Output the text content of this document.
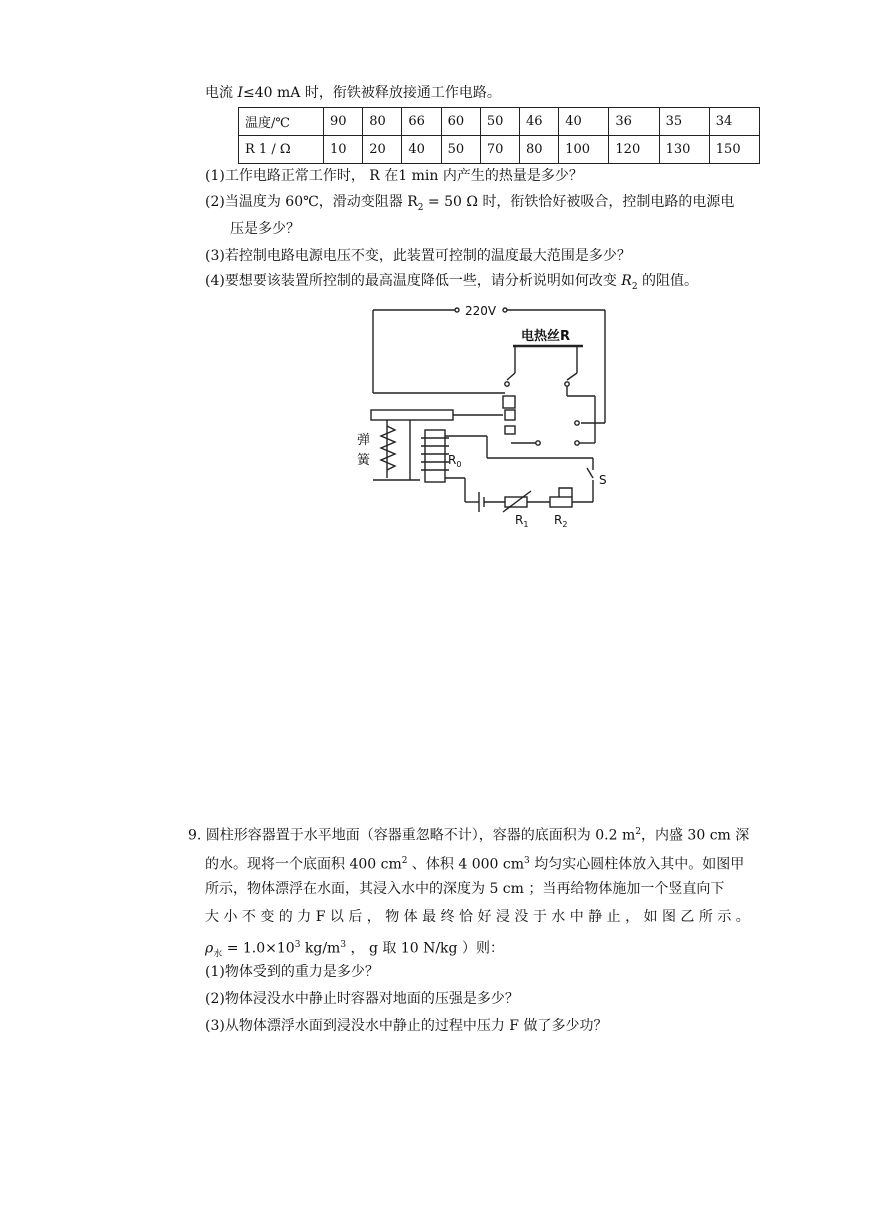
电流 I≤40 mA 时，衔铁被释放接通工作电路。
温度/℃	90	80	66	60	50	46	40	36	35	34
R 1 / Ω	10	20	40	50	70	80	100	120	130	150
(1)工作电路正常工作时， R 在1 min 内产生的热量是多少？
(2)当温度为 60℃，滑动变阻器 $R_2 = 50$ Ω 时，衔铁恰好被吸合，控制电路的电源电
压是多少？
(3)若控制电路电源电压不变，此装置可控制的温度最大范围是多少？
(4)要想要该装置所控制的最高温度降低一些，请分析说明如何改变 $R_2$ 的阻值。
220V
电热丝R
弹
簧	$R_0$
S
$R_1$ $R_2$
9. 圆柱形容器置于水平地面（容器重忽略不计），容器的底面积为 0.2 $m^2$，内盛 30 cm 深
的水。现将一个底面积 400 $cm^2$ 、体积 4 000 $cm^3$ 均匀实心圆柱体放入其中。如图甲
所示，物体漂浮在水面，其浸入水中的深度为 5 cm ；当再给物体施加一个竖直向下
大 小 不 变 的 力 F 以 后 ， 物 体 最 终 恰 好 浸 没 于 水 中 静 止 ， 如 图 乙 所 示 。
$\rho_水 = 1.0\times 10^3$ $kg/m^3$ ， g 取 10 N/kg ）则：
(1)物体受到的重力是多少？
(2)物体浸没水中静止时容器对地面的压强是多少？
(3)从物体漂浮水面到浸没水中静止的过程中压力 F 做了多少功？
